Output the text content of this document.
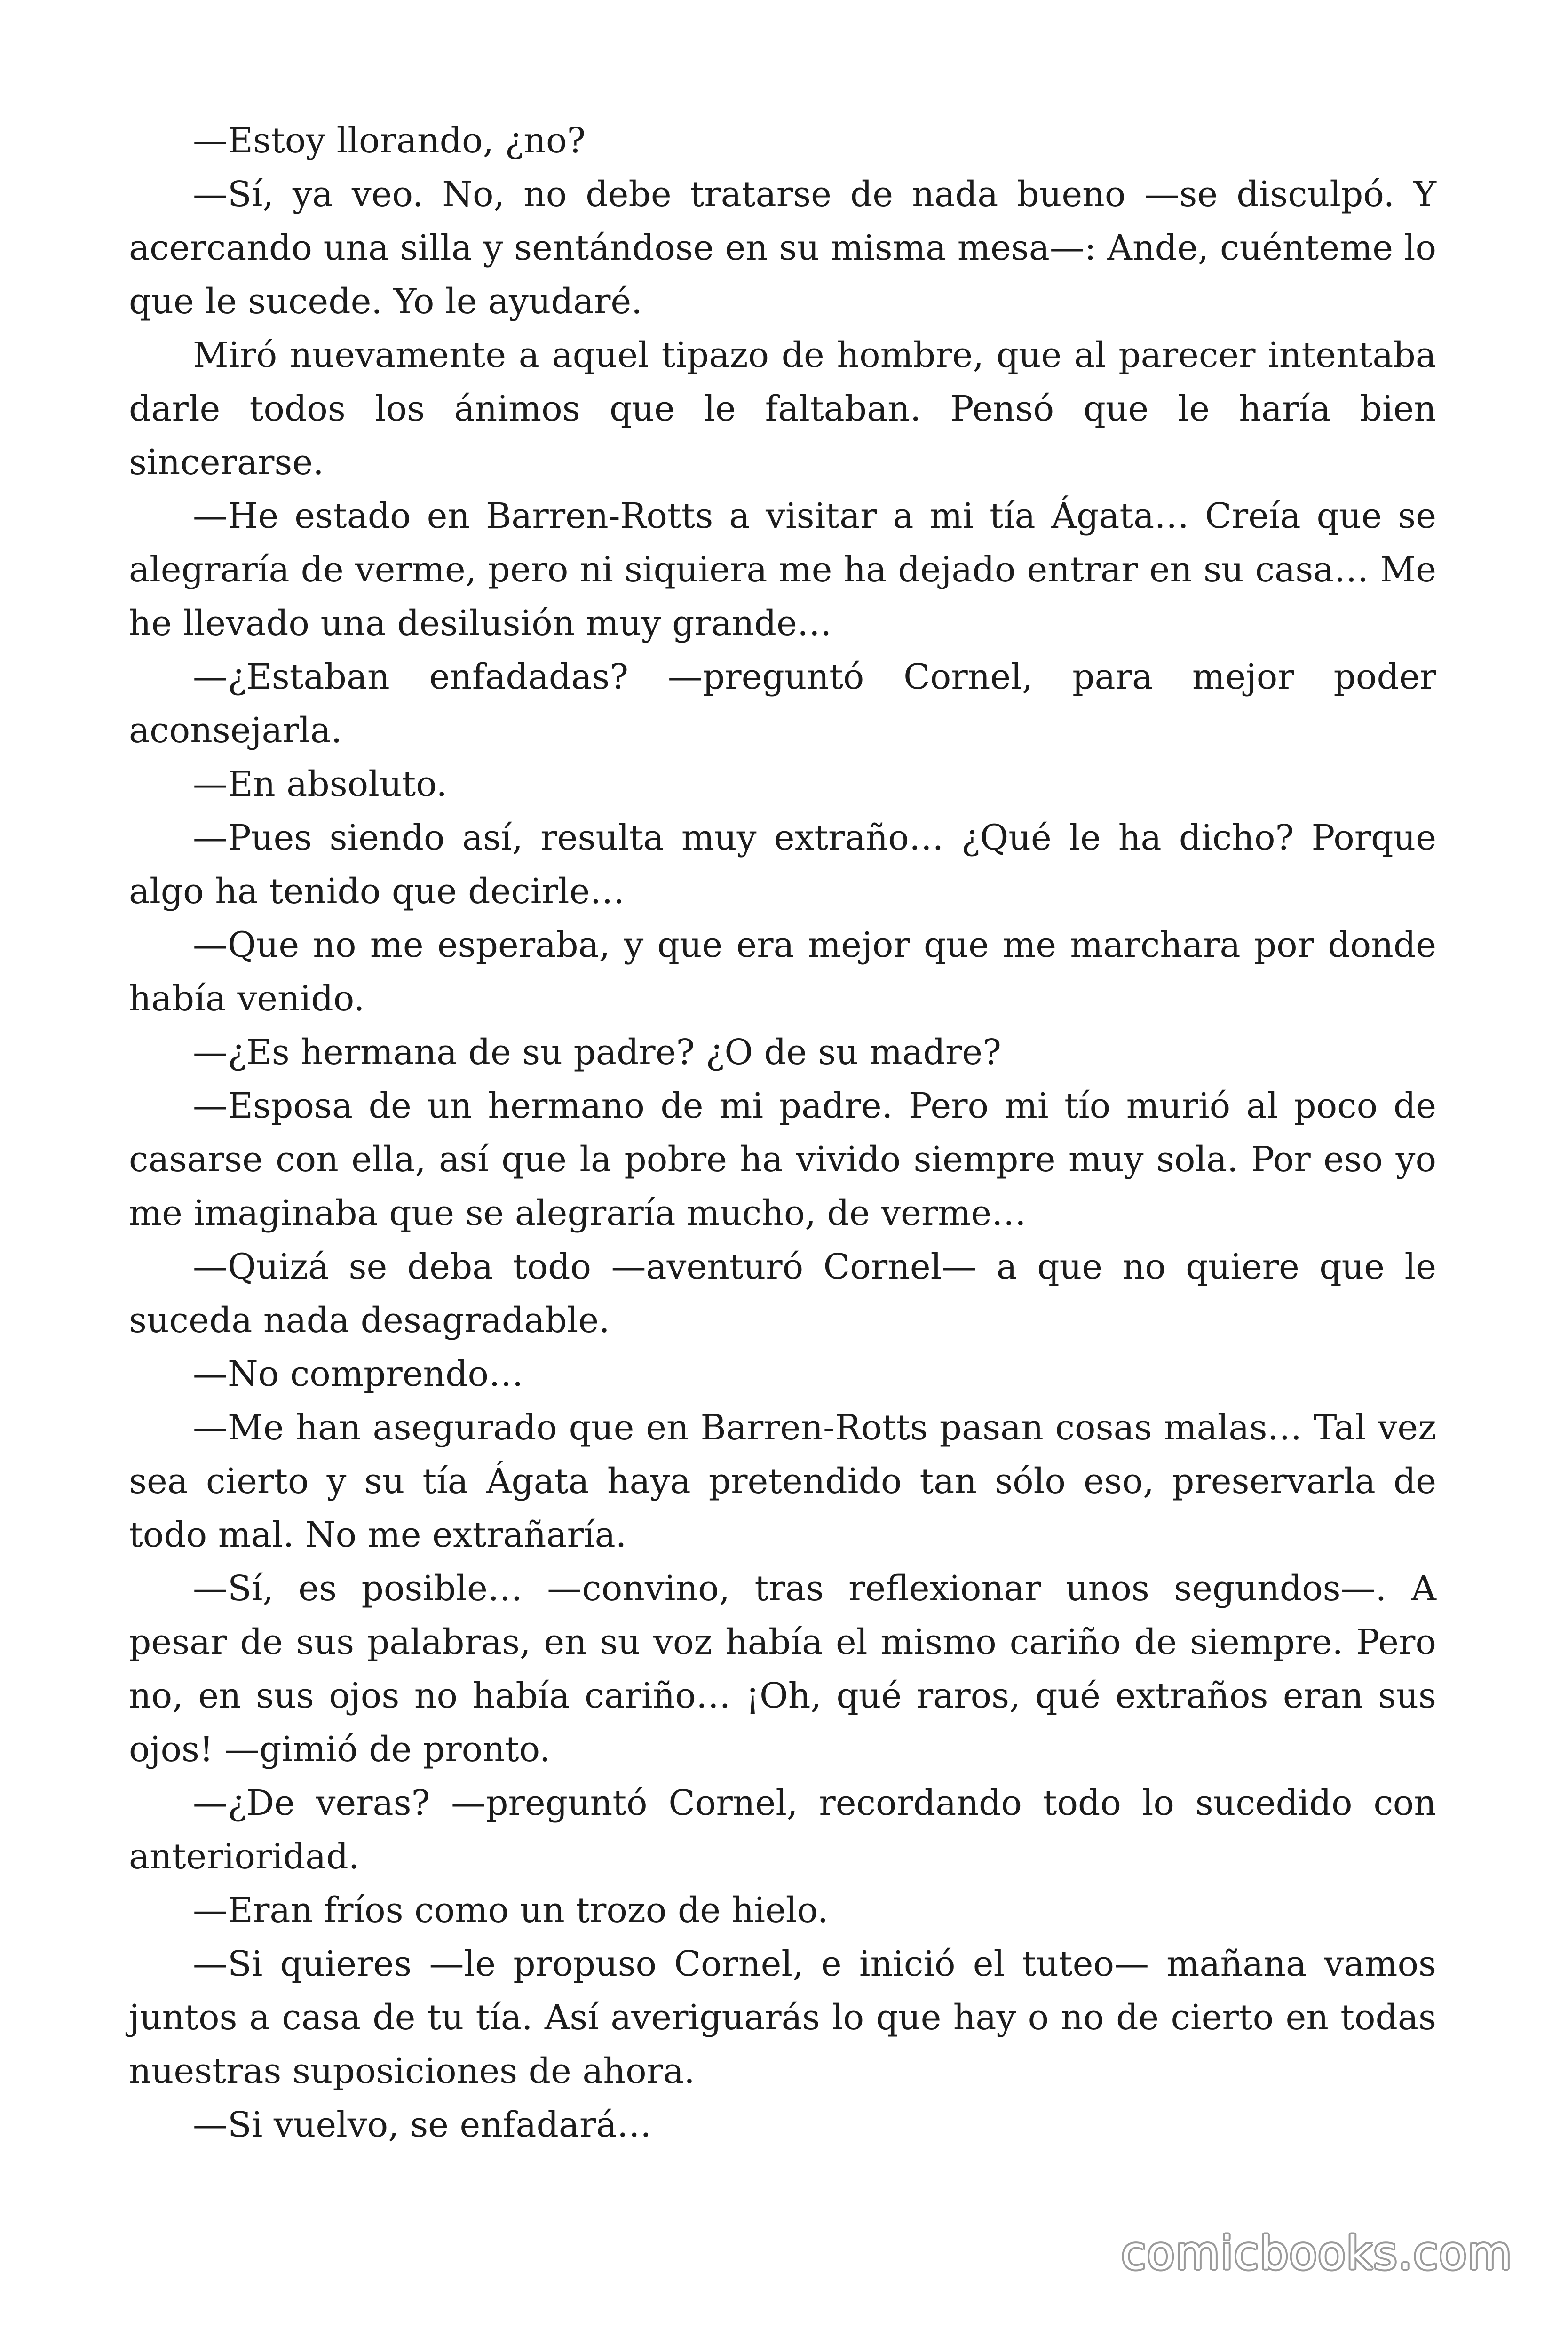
—Estoy llorando, ¿no?

—Sí, ya veo. No, no debe tratarse de nada bueno —se disculpó. Y acercando una silla y sentándose en su misma mesa—: Ande, cuénteme lo que le sucede. Yo le ayudaré.

Miró nuevamente a aquel tipazo de hombre, que al parecer intentaba darle todos los ánimos que le faltaban. Pensó que le haría bien sincerarse.

—He estado en Barren-Rotts a visitar a mi tía Ágata… Creía que se alegraría de verme, pero ni siquiera me ha dejado entrar en su casa… Me he llevado una desilusión muy grande…

—¿Estaban enfadadas? —preguntó Cornel, para mejor poder aconsejarla.

—En absoluto.

—Pues siendo así, resulta muy extraño… ¿Qué le ha dicho? Porque algo ha tenido que decirle…

—Que no me esperaba, y que era mejor que me marchara por donde había venido.

—¿Es hermana de su padre? ¿O de su madre?

—Esposa de un hermano de mi padre. Pero mi tío murió al poco de casarse con ella, así que la pobre ha vivido siempre muy sola. Por eso yo me imaginaba que se alegraría mucho, de verme…

—Quizá se deba todo —aventuró Cornel— a que no quiere que le suceda nada desagradable.

—No comprendo…

—Me han asegurado que en Barren-Rotts pasan cosas malas… Tal vez sea cierto y su tía Ágata haya pretendido tan sólo eso, preservarla de todo mal. No me extrañaría.

—Sí, es posible… —convino, tras reflexionar unos segundos—. A pesar de sus palabras, en su voz había el mismo cariño de siempre. Pero no, en sus ojos no había cariño… ¡Oh, qué raros, qué extraños eran sus ojos! —gimió de pronto.

—¿De veras? —preguntó Cornel, recordando todo lo sucedido con anterioridad.

—Eran fríos como un trozo de hielo.

—Si quieres —le propuso Cornel, e inició el tuteo— mañana vamos juntos a casa de tu tía. Así averiguarás lo que hay o no de cierto en todas nuestras suposiciones de ahora.

—Si vuelvo, se enfadará…

comicbooks.com
